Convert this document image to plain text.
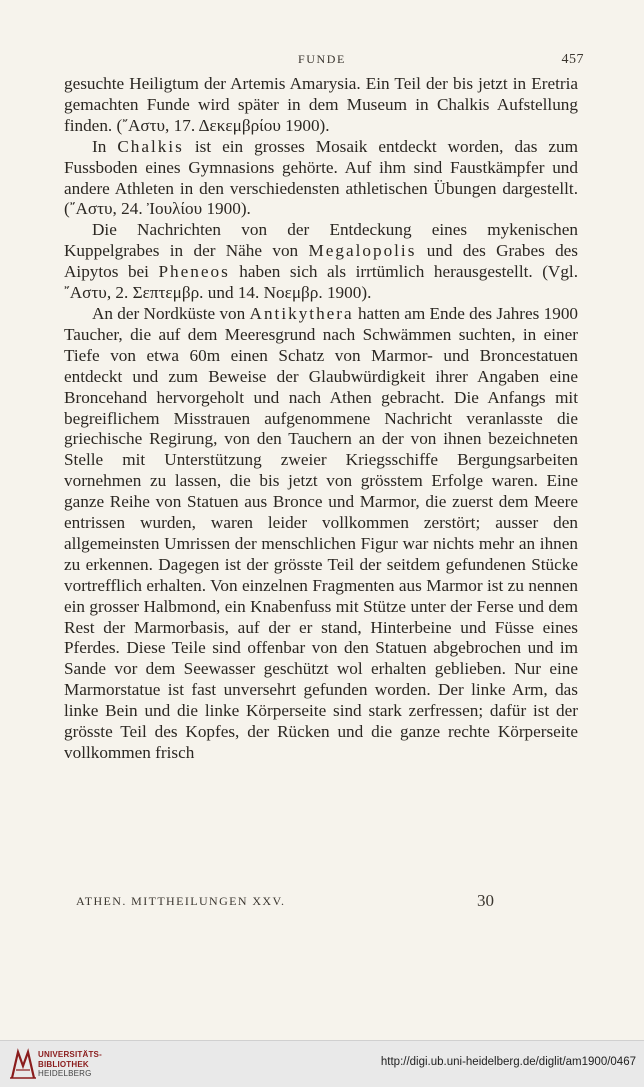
FUNDE	457

gesuchte Heiligtum der Artemis Amarysia. Ein Teil der bis jetzt in Eretria gemachten Funde wird später in dem Museum in Chalkis Aufstellung finden. (῎Αστυ, 17. Δεκεμβρίου 1900).

In Chalkis ist ein grosses Mosaik entdeckt worden, das zum Fussboden eines Gymnasions gehörte. Auf ihm sind Faustkämpfer und andere Athleten in den verschiedensten athletischen Übungen dargestellt. (῎Αστυ, 24. Ἰουλίου 1900).

Die Nachrichten von der Entdeckung eines mykenischen Kuppelgrabes in der Nähe von Megalopolis und des Grabes des Aipytos bei Pheneos haben sich als irrtümlich herausgestellt. (Vgl. ῎Αστυ, 2. Σεπτεμβρ. und 14. Νοεμβρ. 1900).

An der Nordküste von Antikythera hatten am Ende des Jahres 1900 Taucher, die auf dem Meeresgrund nach Schwämmen suchten, in einer Tiefe von etwa 60m einen Schatz von Marmor- und Broncestatuen entdeckt und zum Beweise der Glaubwürdigkeit ihrer Angaben eine Broncehand hervorgeholt und nach Athen gebracht. Die Anfangs mit begreiflichem Misstrauen aufgenommene Nachricht veranlasste die griechische Regirung, von den Tauchern an der von ihnen bezeichneten Stelle mit Unterstützung zweier Kriegsschiffe Bergungsarbeiten vornehmen zu lassen, die bis jetzt von grösstem Erfolge waren. Eine ganze Reihe von Statuen aus Bronce und Marmor, die zuerst dem Meere entrissen wurden, waren leider vollkommen zerstört; ausser den allgemeinsten Umrissen der menschlichen Figur war nichts mehr an ihnen zu erkennen. Dagegen ist der grösste Teil der seitdem gefundenen Stücke vortrefflich erhalten. Von einzelnen Fragmenten aus Marmor ist zu nennen ein grosser Halbmond, ein Knabenfuss mit Stütze unter der Ferse und dem Rest der Marmorbasis, auf der er stand, Hinterbeine und Füsse eines Pferdes. Diese Teile sind offenbar von den Statuen abgebrochen und im Sande vor dem Seewasser geschützt wol erhalten geblieben. Nur eine Marmorstatue ist fast unversehrt gefunden worden. Der linke Arm, das linke Bein und die linke Körperseite sind stark zerfressen; dafür ist der grösste Teil des Kopfes, der Rücken und die ganze rechte Körperseite vollkommen frisch

ATHEN. MITTHEILUNGEN XXV.	30
UNIVERSITÄTS-
BIBLIOTHEK
HEIDELBERG
http://digi.ub.uni-heidelberg.de/diglit/am1900/0467
